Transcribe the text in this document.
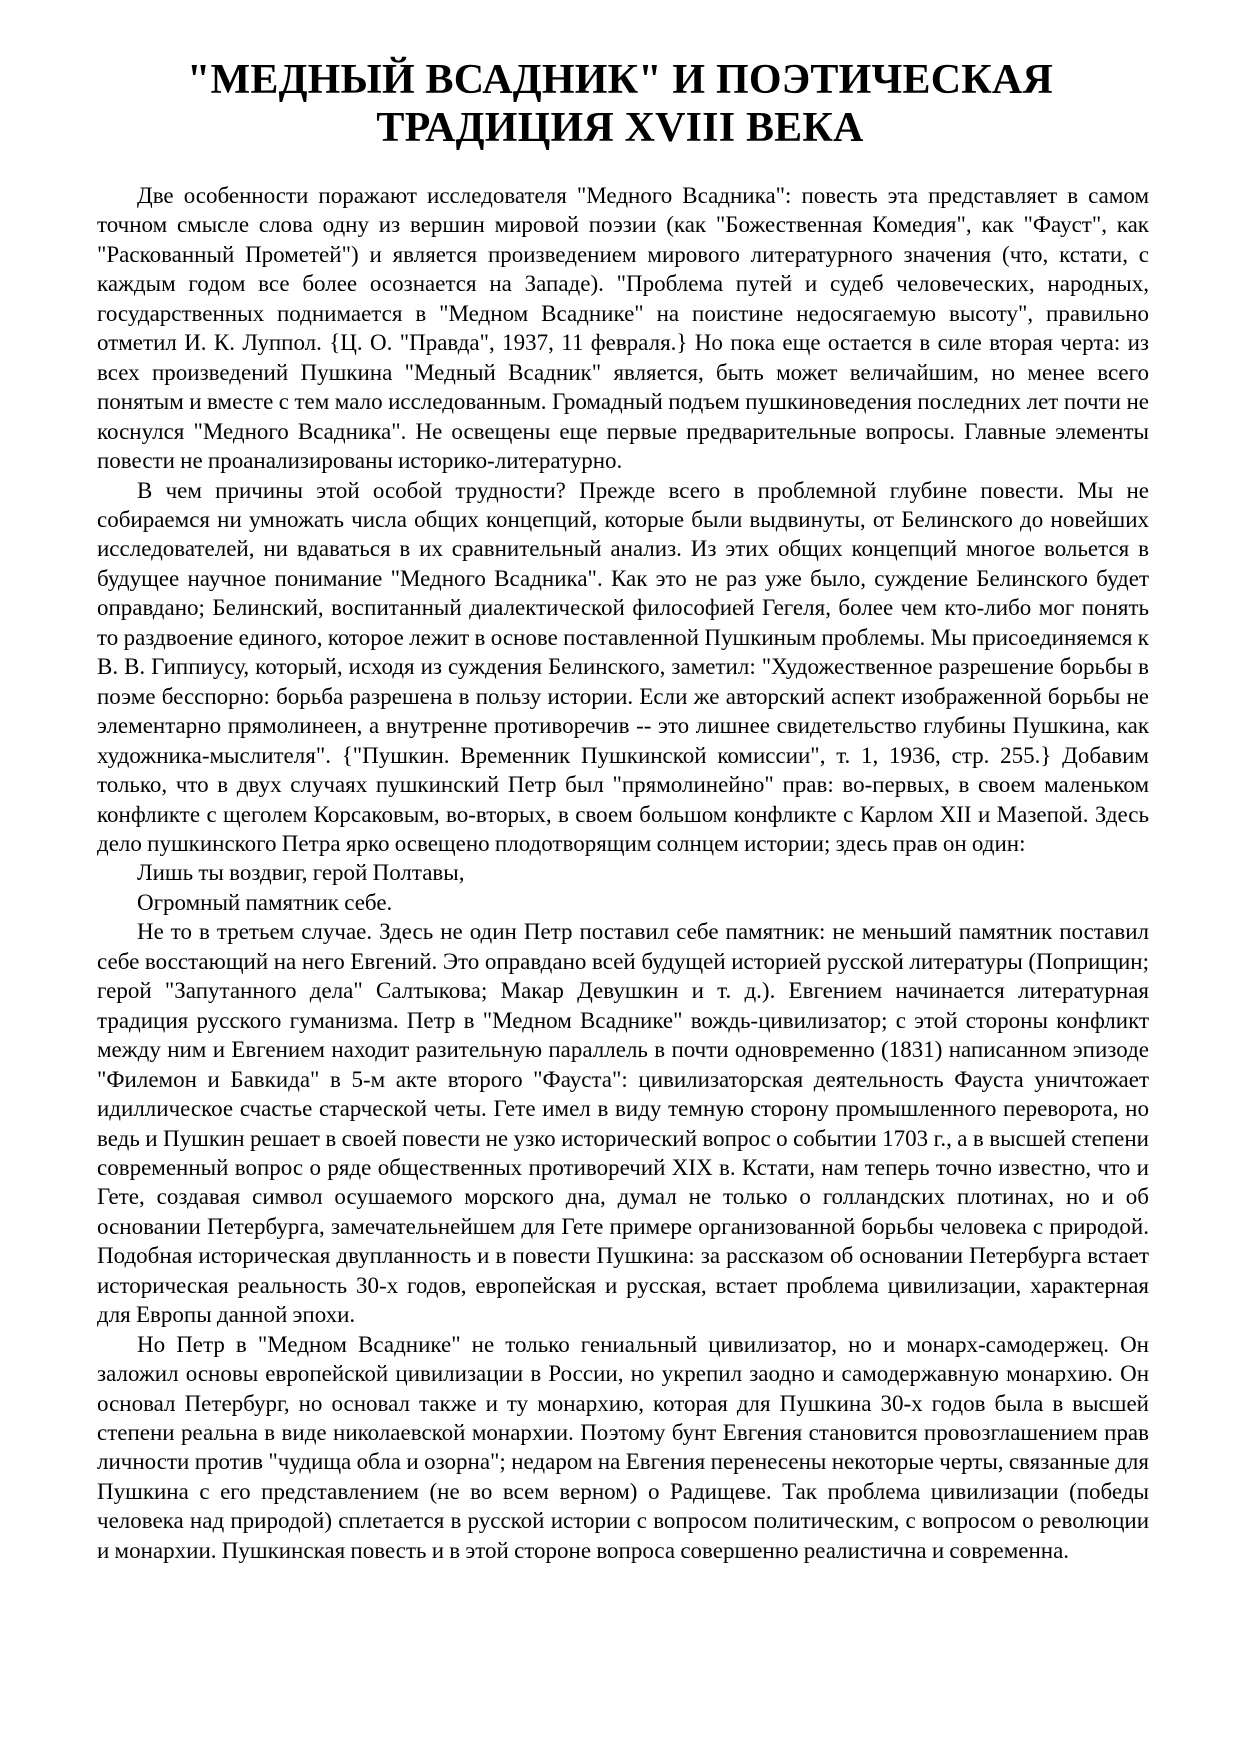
"МЕДНЫЙ ВСАДНИК" И ПОЭТИЧЕСКАЯ
ТРАДИЦИЯ XVIII ВЕКА

Две особенности поражают исследователя "Медного Всадника": повесть эта представляет в самом точном смысле слова одну из вершин мировой поэзии (как "Божественная Комедия", как "Фауст", как "Раскованный Прометей") и является произведением мирового литературного значения (что, кстати, с каждым годом все более осознается на Западе). "Проблема путей и судеб человеческих, народных, государственных поднимается в "Медном Всаднике" на поистине недосягаемую высоту", правильно отметил И. К. Луппол. {Ц. О. "Правда", 1937, 11 февраля.} Но пока еще остается в силе вторая черта: из всех произведений Пушкина "Медный Всадник" является, быть может величайшим, но менее всего понятым и вместе с тем мало исследованным. Громадный подъем пушкиноведения последних лет почти не коснулся "Медного Всадника". Не освещены еще первые предварительные вопросы. Главные элементы повести не проанализированы историко-литературно.

В чем причины этой особой трудности? Прежде всего в проблемной глубине повести. Мы не собираемся ни умножать числа общих концепций, которые были выдвинуты, от Белинского до новейших исследователей, ни вдаваться в их сравнительный анализ. Из этих общих концепций многое вольется в будущее научное понимание "Медного Всадника". Как это не раз уже было, суждение Белинского будет оправдано; Белинский, воспитанный диалектической философией Гегеля, более чем кто-либо мог понять то раздвоение единого, которое лежит в основе поставленной Пушкиным проблемы. Мы присоединяемся к В. В. Гиппиусу, который, исходя из суждения Белинского, заметил: "Художественное разрешение борьбы в поэме бесспорно: борьба разрешена в пользу истории. Если же авторский аспект изображенной борьбы не элементарно прямолинеен, а внутренне противоречив -- это лишнее свидетельство глубины Пушкина, как художника-мыслителя". {"Пушкин. Временник Пушкинской комиссии", т. 1, 1936, стр. 255.} Добавим только, что в двух случаях пушкинский Петр был "прямолинейно" прав: во-первых, в своем маленьком конфликте с щеголем Корсаковым, во-вторых, в своем большом конфликте с Карлом XII и Мазепой. Здесь дело пушкинского Петра ярко освещено плодотворящим солнцем истории; здесь прав он один:

Лишь ты воздвиг, герой Полтавы,

Огромный памятник себе.

Не то в третьем случае. Здесь не один Петр поставил себе памятник: не меньший памятник поставил себе восстающий на него Евгений. Это оправдано всей будущей историей русской литературы (Поприщин; герой "Запутанного дела" Салтыкова; Макар Девушкин и т. д.). Евгением начинается литературная традиция русского гуманизма. Петр в "Медном Всаднике" вождь-цивилизатор; с этой стороны конфликт между ним и Евгением находит разительную параллель в почти одновременно (1831) написанном эпизоде "Филемон и Бавкида" в 5-м акте второго "Фауста": цивилизаторская деятельность Фауста уничтожает идиллическое счастье старческой четы. Гете имел в виду темную сторону промышленного переворота, но ведь и Пушкин решает в своей повести не узко исторический вопрос о событии 1703 г., а в высшей степени современный вопрос о ряде общественных противоречий XIX в. Кстати, нам теперь точно известно, что и Гете, создавая символ осушаемого морского дна, думал не только о голландских плотинах, но и об основании Петербурга, замечательнейшем для Гете примере организованной борьбы человека с природой. Подобная историческая двупланность и в повести Пушкина: за рассказом об основании Петербурга встает историческая реальность 30-х годов, европейская и русская, встает проблема цивилизации, характерная для Европы данной эпохи.

Но Петр в "Медном Всаднике" не только гениальный цивилизатор, но и монарх-самодержец. Он заложил основы европейской цивилизации в России, но укрепил заодно и самодержавную монархию. Он основал Петербург, но основал также и ту монархию, которая для Пушкина 30-х годов была в высшей степени реальна в виде николаевской монархии. Поэтому бунт Евгения становится провозглашением прав личности против "чудища обла и озорна"; недаром на Евгения перенесены некоторые черты, связанные для Пушкина с его представлением (не во всем верном) о Радищеве. Так проблема цивилизации (победы человека над природой) сплетается в русской истории с вопросом политическим, с вопросом о революции и монархии. Пушкинская повесть и в этой стороне вопроса совершенно реалистична и современна.
